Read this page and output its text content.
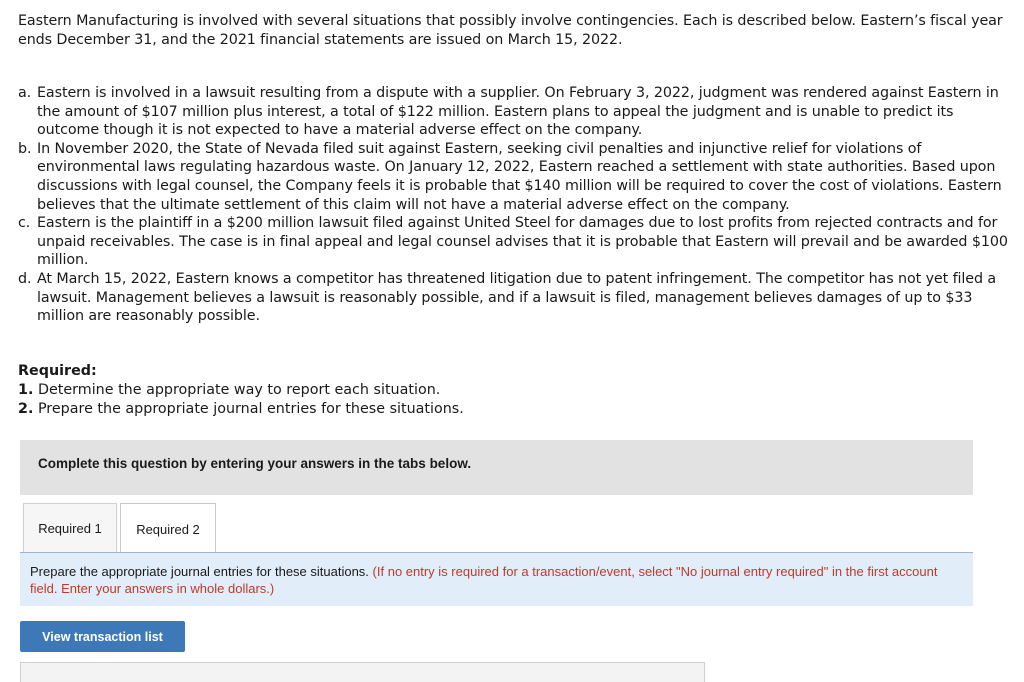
Eastern Manufacturing is involved with several situations that possibly involve contingencies. Each is described below. Eastern’s fiscal year ends December 31, and the 2021 financial statements are issued on March 15, 2022.
a. Eastern is involved in a lawsuit resulting from a dispute with a supplier. On February 3, 2022, judgment was rendered against Eastern in the amount of $107 million plus interest, a total of $122 million. Eastern plans to appeal the judgment and is unable to predict its outcome though it is not expected to have a material adverse effect on the company.
b. In November 2020, the State of Nevada filed suit against Eastern, seeking civil penalties and injunctive relief for violations of environmental laws regulating hazardous waste. On January 12, 2022, Eastern reached a settlement with state authorities. Based upon discussions with legal counsel, the Company feels it is probable that $140 million will be required to cover the cost of violations. Eastern believes that the ultimate settlement of this claim will not have a material adverse effect on the company.
c. Eastern is the plaintiff in a $200 million lawsuit filed against United Steel for damages due to lost profits from rejected contracts and for unpaid receivables. The case is in final appeal and legal counsel advises that it is probable that Eastern will prevail and be awarded $100 million.
d. At March 15, 2022, Eastern knows a competitor has threatened litigation due to patent infringement. The competitor has not yet filed a lawsuit. Management believes a lawsuit is reasonably possible, and if a lawsuit is filed, management believes damages of up to $33 million are reasonably possible.
Required:
1. Determine the appropriate way to report each situation.
2. Prepare the appropriate journal entries for these situations.
Complete this question by entering your answers in the tabs below.
Required 1	Required 2
Prepare the appropriate journal entries for these situations. (If no entry is required for a transaction/event, select "No journal entry required" in the first account field. Enter your answers in whole dollars.)
View transaction list
